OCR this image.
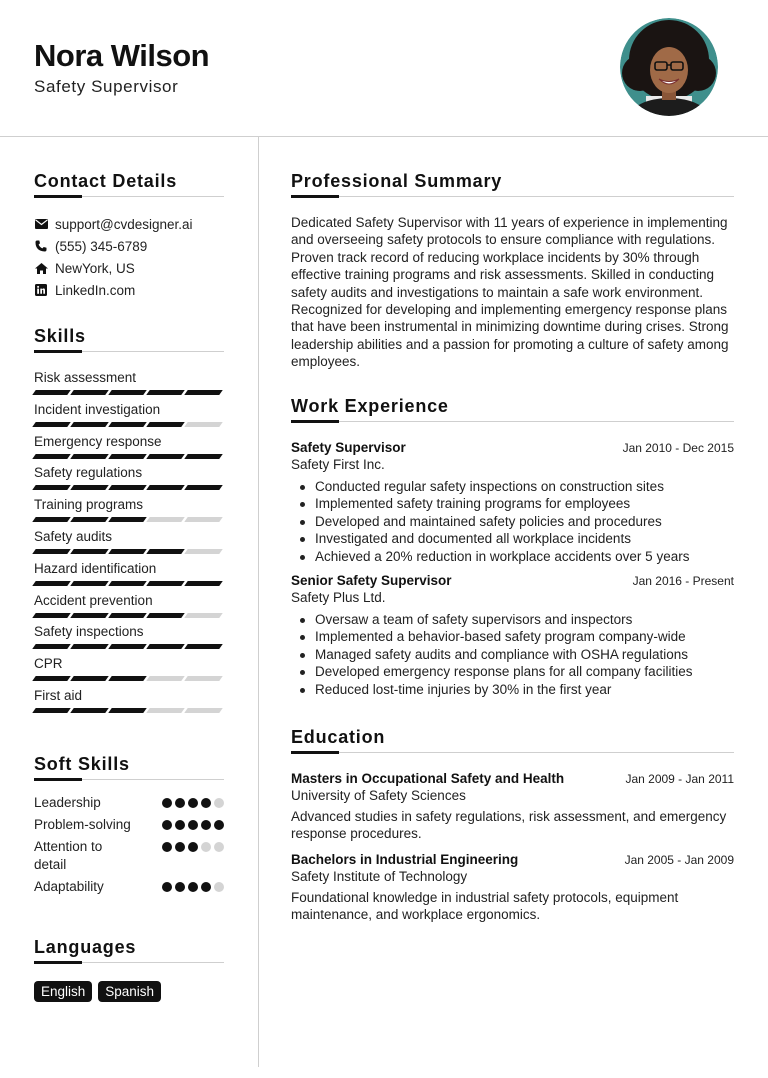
Nora Wilson
Safety Supervisor
Contact Details
support@cvdesigner.ai
(555) 345-6789
NewYork, US
LinkedIn.com
Skills
Risk assessment
Incident investigation
Emergency response
Safety regulations
Training programs
Safety audits
Hazard identification
Accident prevention
Safety inspections
CPR
First aid
Soft Skills
Leadership
Problem-solving
Attention to detail
Adaptability
Languages
English	Spanish
Professional Summary
Dedicated Safety Supervisor with 11 years of experience in implementing and overseeing safety protocols to ensure compliance with regulations. Proven track record of reducing workplace incidents by 30% through effective training programs and risk assessments. Skilled in conducting safety audits and investigations to maintain a safe work environment. Recognized for developing and implementing emergency response plans that have been instrumental in minimizing downtime during crises. Strong leadership abilities and a passion for promoting a culture of safety among employees.
Work Experience
Safety Supervisor	Jan 2010 - Dec 2015
Safety First Inc.
Conducted regular safety inspections on construction sites
Implemented safety training programs for employees
Developed and maintained safety policies and procedures
Investigated and documented all workplace incidents
Achieved a 20% reduction in workplace accidents over 5 years
Senior Safety Supervisor	Jan 2016 - Present
Safety Plus Ltd.
Oversaw a team of safety supervisors and inspectors
Implemented a behavior-based safety program company-wide
Managed safety audits and compliance with OSHA regulations
Developed emergency response plans for all company facilities
Reduced lost-time injuries by 30% in the first year
Education
Masters in Occupational Safety and Health	Jan 2009 - Jan 2011
University of Safety Sciences
Advanced studies in safety regulations, risk assessment, and emergency response procedures.
Bachelors in Industrial Engineering	Jan 2005 - Jan 2009
Safety Institute of Technology
Foundational knowledge in industrial safety protocols, equipment maintenance, and workplace ergonomics.
